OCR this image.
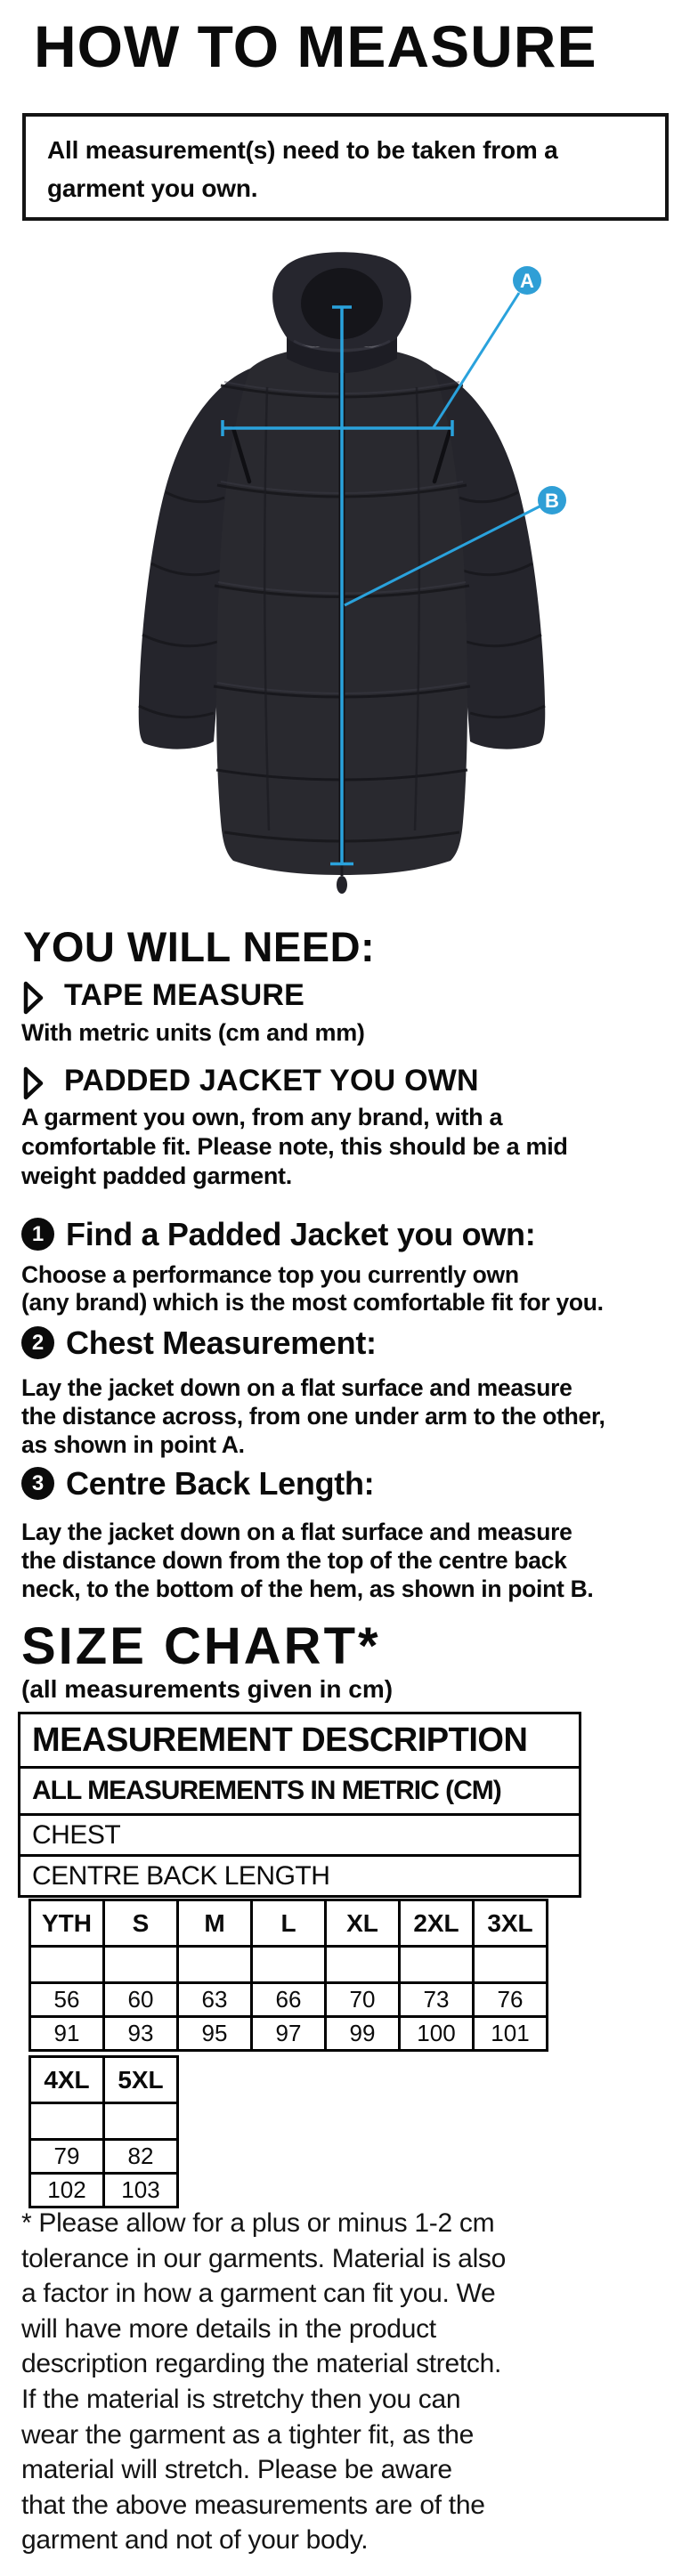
HOW TO MEASURE
All measurement(s) need to be taken from a
garment you own.
A
B
YOU WILL NEED:
TAPE MEASURE
With metric units (cm and mm)
PADDED JACKET YOU OWN
A garment you own, from any brand, with a
comfortable fit. Please note, this should be a mid
weight padded garment.
1 Find a Padded Jacket you own:
Choose a performance top you currently own
(any brand) which is the most comfortable fit for you.
2 Chest Measurement:
Lay the jacket down on a flat surface and measure
the distance across, from one under arm to the other,
as shown in point A.
3 Centre Back Length:
Lay the jacket down on a flat surface and measure
the distance down from the top of the centre back
neck, to the bottom of the hem, as shown in point B.
SIZE CHART*
(all measurements given in cm)
MEASUREMENT DESCRIPTION
ALL MEASUREMENTS IN METRIC (CM)
CHEST
CENTRE BACK LENGTH
YTH	S	M	L	XL	2XL	3XL

56	60	63	66	70	73	76
91	93	95	97	99	100	101
4XL	5XL

79	82
102	103
* Please allow for a plus or minus 1-2 cm
tolerance in our garments. Material is also
a factor in how a garment can fit you. We
will have more details in the product
description regarding the material stretch.
If the material is stretchy then you can
wear the garment as a tighter fit, as the
material will stretch. Please be aware
that the above measurements are of the
garment and not of your body.
